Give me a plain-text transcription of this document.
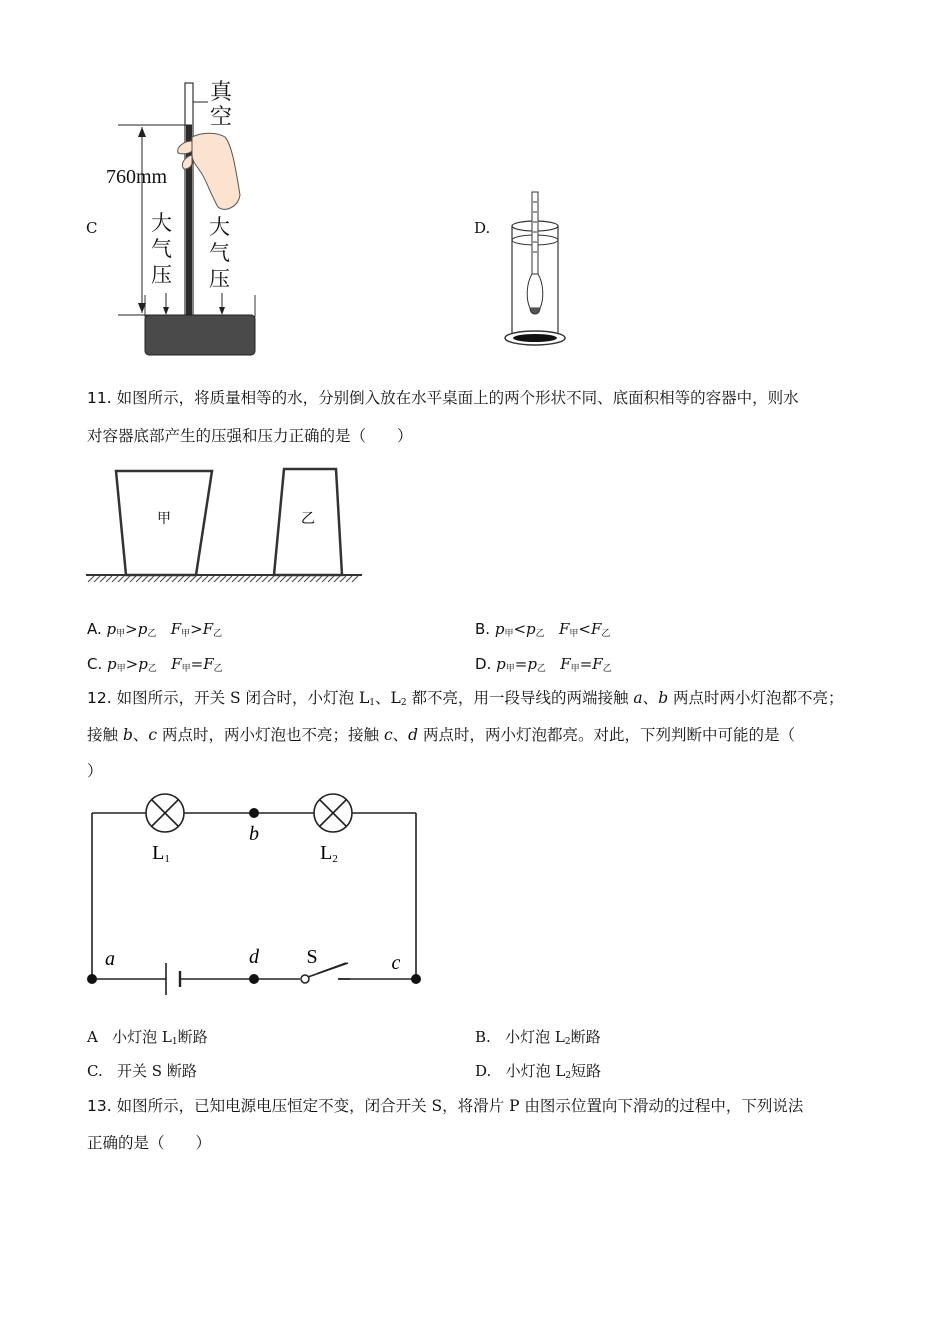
C
真空
760mm
大气压
大气压
D.
11. 如图所示，将质量相等的水，分别倒入放在水平桌面上的两个形状不同、底面积相等的容器中，则水
对容器底部产生的压强和压力正确的是（　　）
甲	乙
A. $p_甲>p_乙$ $F_甲>F_乙$	B. $p_甲<p_乙$ $F_甲<F_乙$
C. $p_甲>p_乙$ $F_甲=F_乙$	D. $p_甲=p_乙$ $F_甲=F_乙$
12. 如图所示，开关 S 闭合时，小灯泡 $L_1$、$L_2$ 都不亮，用一段导线的两端接触 a、b 两点时两小灯泡都不亮；
接触 b、c 两点时，两小灯泡也不亮；接触 c、d 两点时，两小灯泡都亮。对此，下列判断中可能的是（
）
L1	L2
b
a	d	c
S
A 小灯泡 $L_1$断路	B. 小灯泡 $L_2$断路
C. 开关 S 断路	D. 小灯泡 $L_2$短路
13. 如图所示，已知电源电压恒定不变，闭合开关 S，将滑片 P 由图示位置向下滑动的过程中，下列说法
正确的是（　　）
